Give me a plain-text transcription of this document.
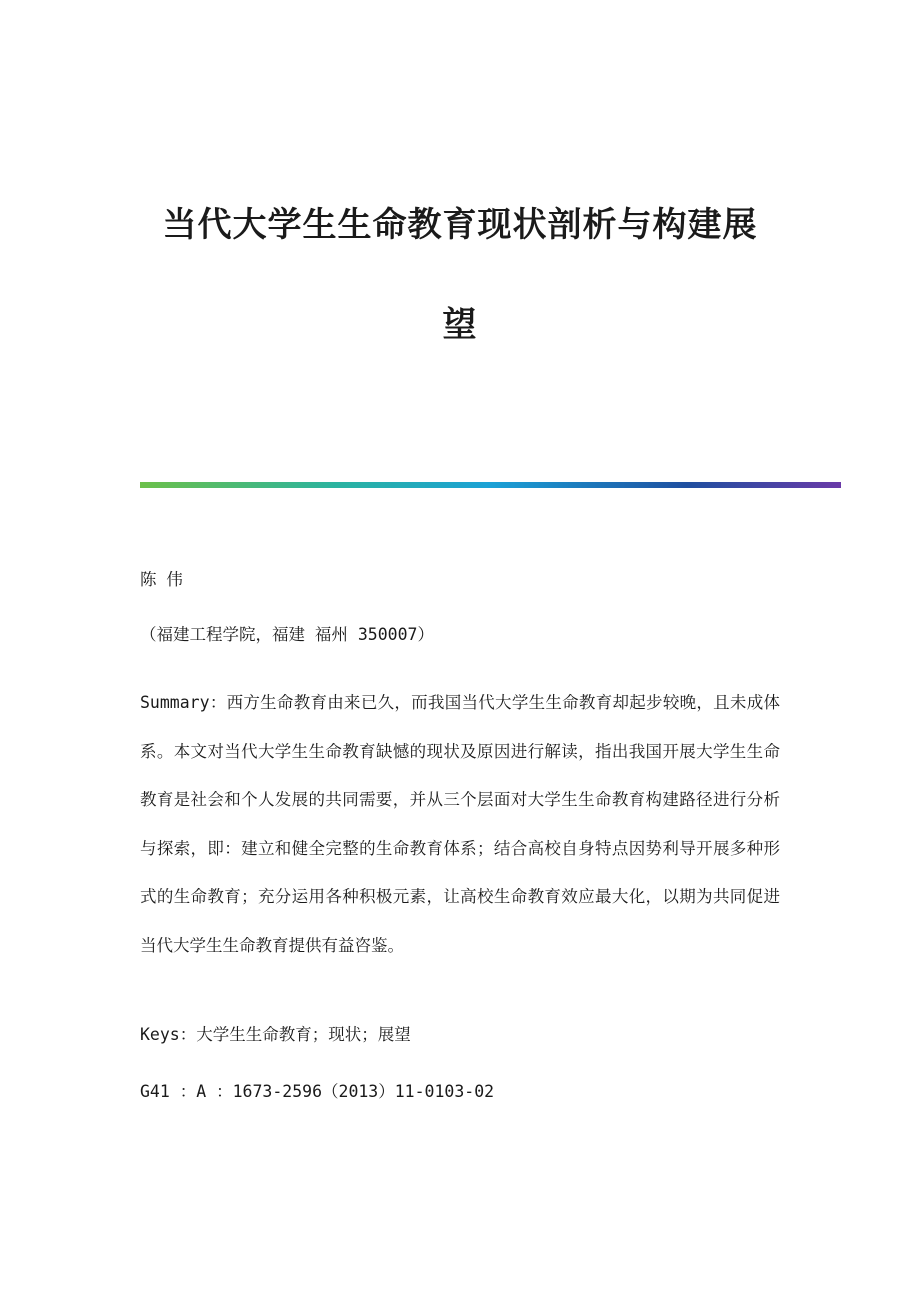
当代大学生生命教育现状剖析与构建展
望
陈 伟
（福建工程学院，福建 福州 350007）
Summary：西方生命教育由来已久，而我国当代大学生生命教育却起步较晚，且未成体系。本文对当代大学生生命教育缺憾的现状及原因进行解读，指出我国开展大学生生命教育是社会和个人发展的共同需要，并从三个层面对大学生生命教育构建路径进行分析与探索，即：建立和健全完整的生命教育体系；结合高校自身特点因势利导开展多种形式的生命教育；充分运用各种积极元素，让高校生命教育效应最大化，以期为共同促进当代大学生生命教育提供有益咨鉴。
Keys：大学生生命教育；现状；展望
G41 ：A ：1673-2596（2013）11-0103-02
